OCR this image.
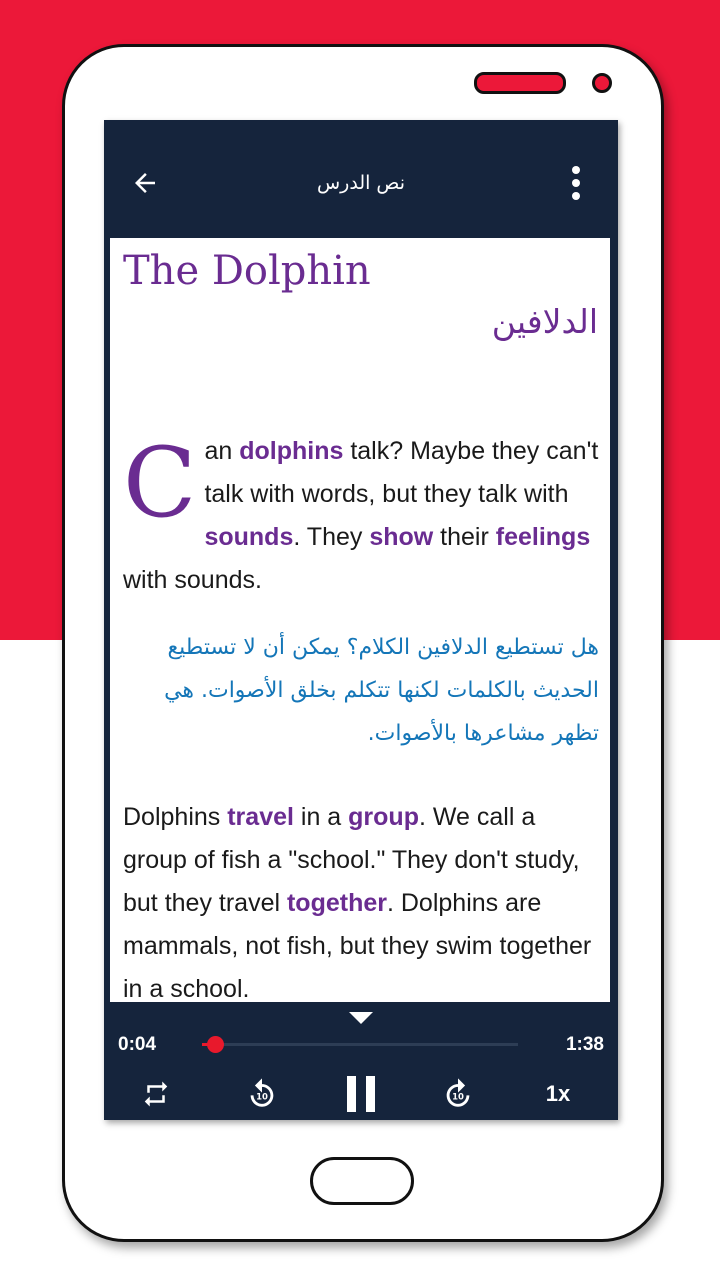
نص الدرس
The Dolphin
الدلافين
C an dolphins talk? Maybe they can't talk with words, but they talk with sounds. They show their feelings with sounds.
هل تستطيع الدلافين الكلام؟ يمكن أن لا تستطيع الحديث بالكلمات لكنها تتكلم بخلق الأصوات. هي تظهر مشاعرها بالأصوات.
Dolphins travel in a group. We call a group of fish a "school." They don't study, but they travel together. Dolphins are mammals, not fish, but they swim together in a school.
0:04	1:38
10	10	1x
